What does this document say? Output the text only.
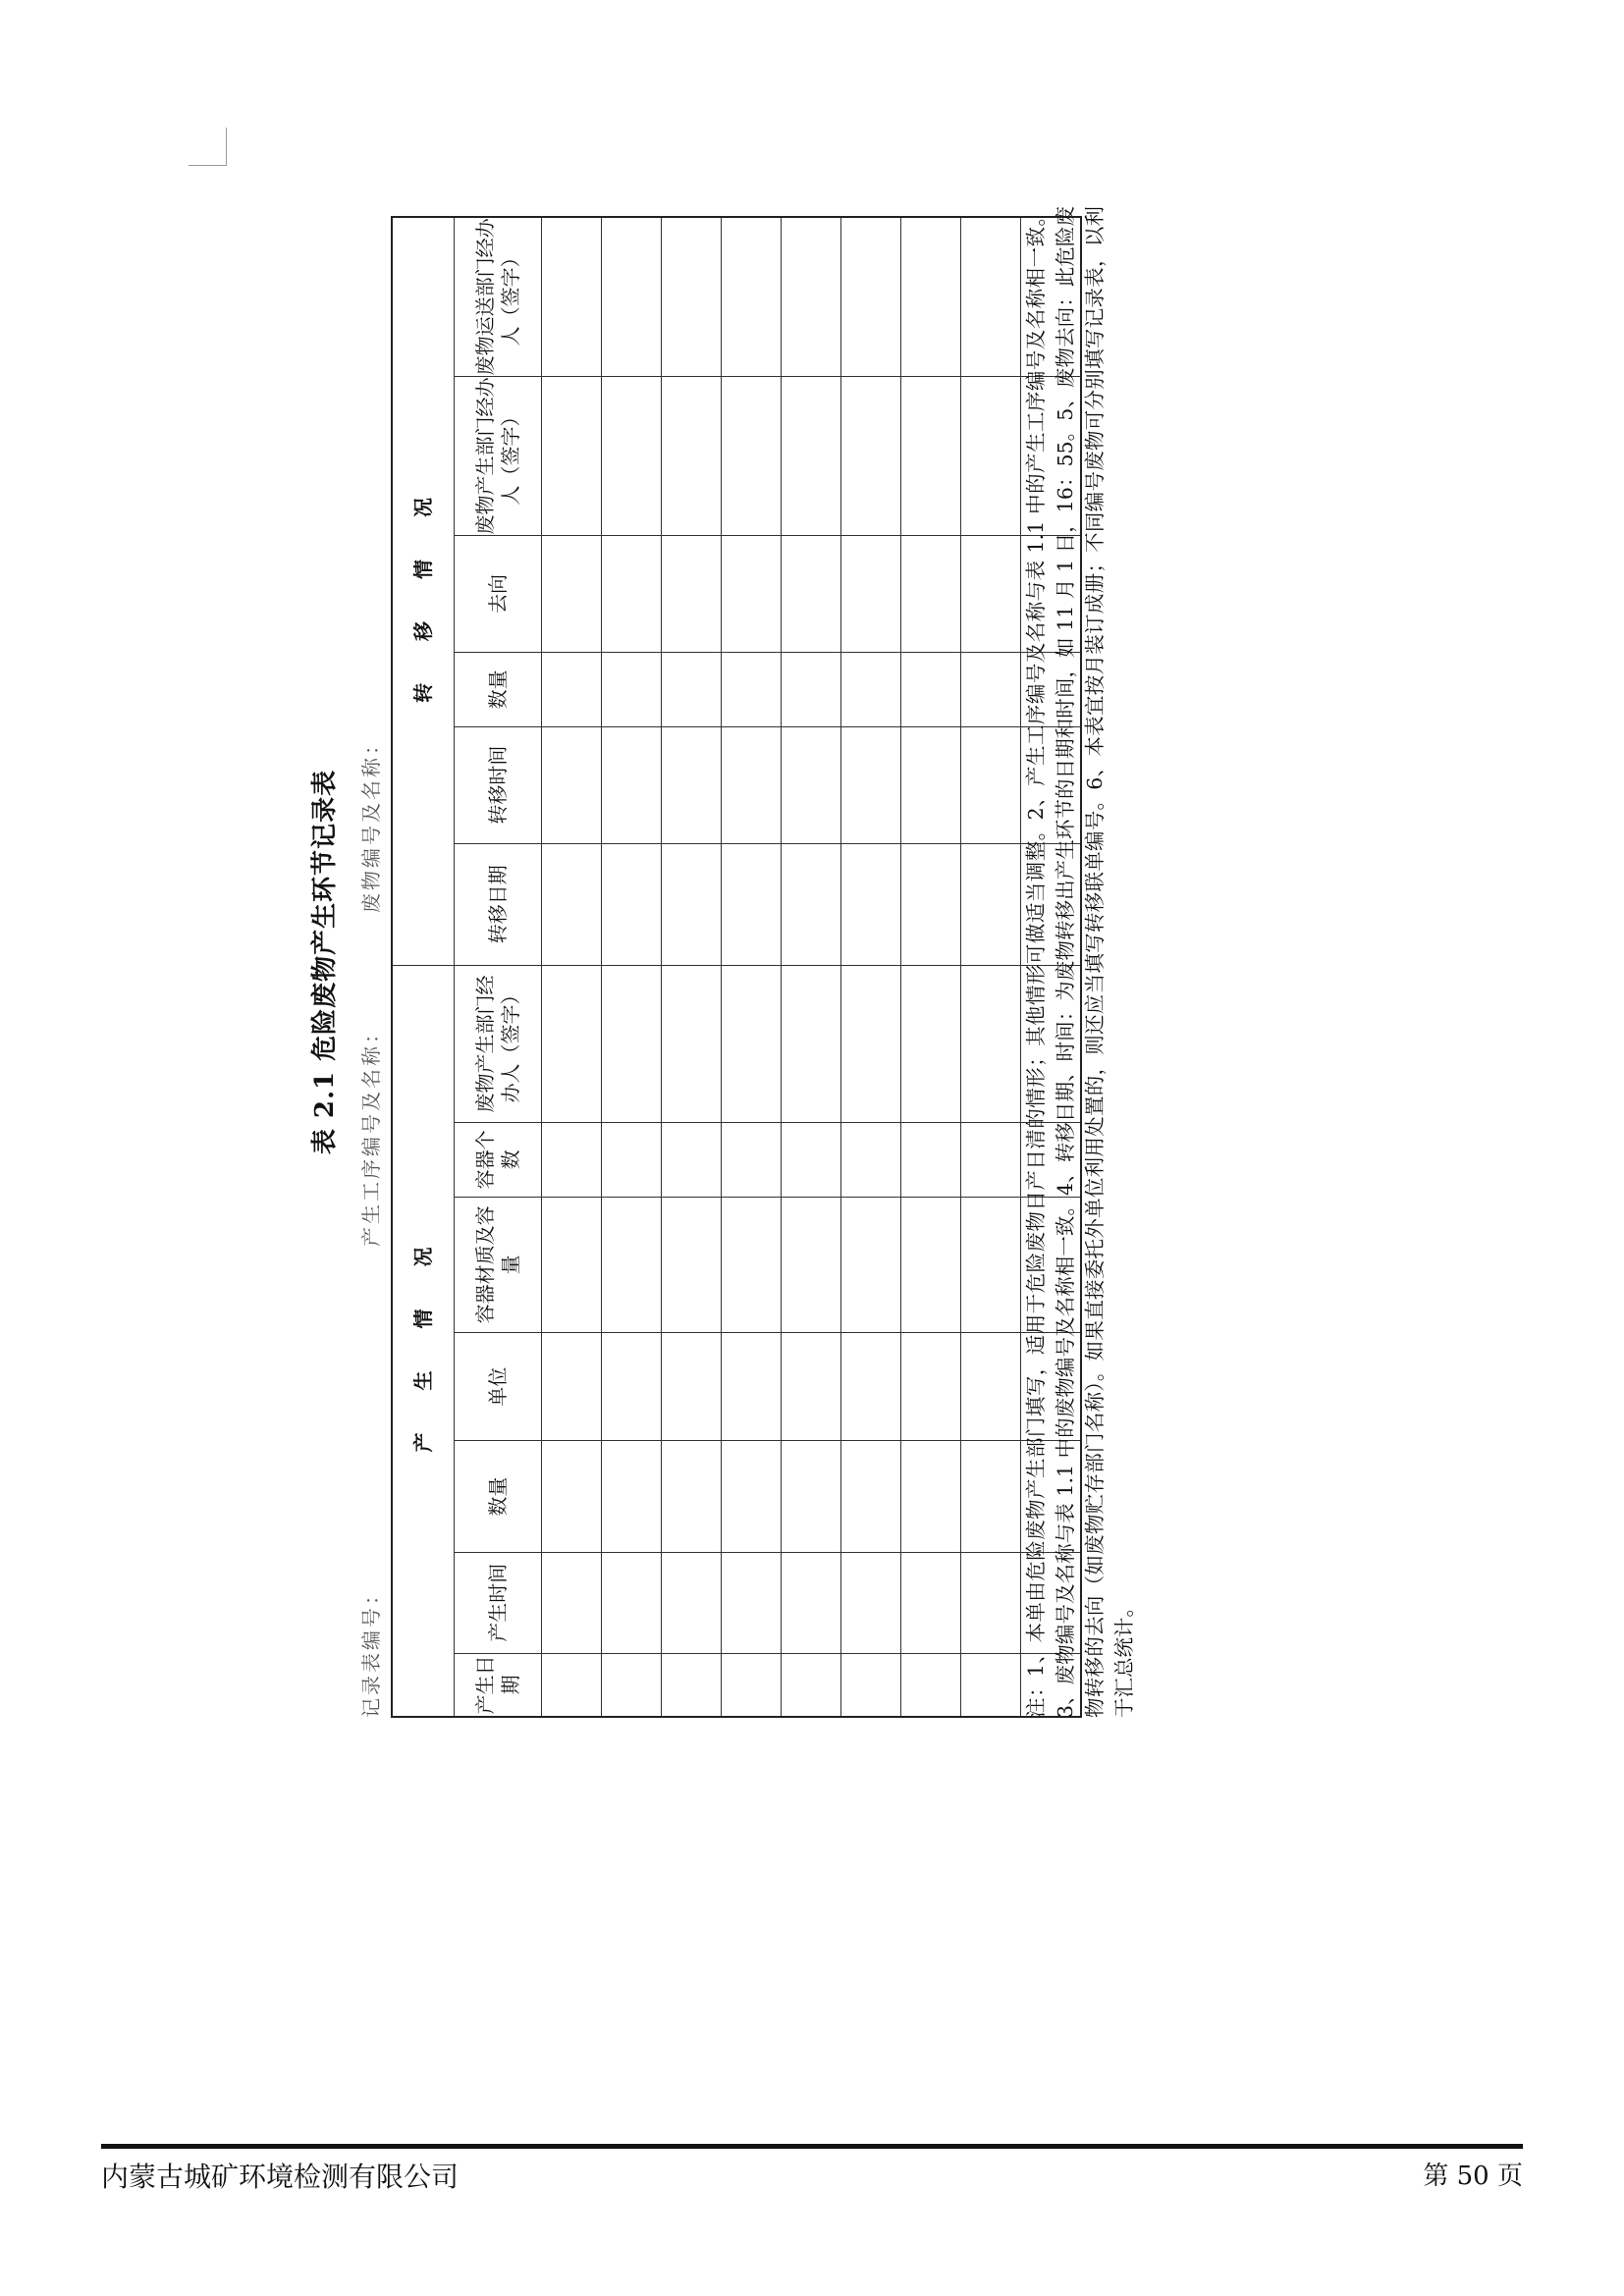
表 2.1 危险废物产生环节记录表
记录表编号：
产生工序编号及名称：
废物编号及名称：
产 生 情 况							转 移 情 况					
产生日期	产生时间	数量	单位	容器材质及容量	容器个数	废物产生部门经办人（签字）	转移日期	转移时间	数量	去向	废物产生部门经办人（签字）	废物运送部门经办人（签字）

													注：1、本单由危险废物产生部门填写，适用于危险废物日产日清的情形；其他情形可做适当调整。2、产生工序编号及名称与表 1.1 中的产生工序编号及名称相一致。3、废物编号及名称与表 1.1 中的废物编号及名称相一致。4、转移日期、时间：为废物转移出产生环节的日期和时间，如 11 月 1 日，16：55。5、废物去向：此危险废物转移的去向（如废物贮存部门名称）。如果直接委托外单位利用处置的，则还应当填写转移联单编号。6、本表宜按月装订成册；不同编号废物可分别填写记录表，以利于汇总统计。
内蒙古城矿环境检测有限公司	第 50 页
